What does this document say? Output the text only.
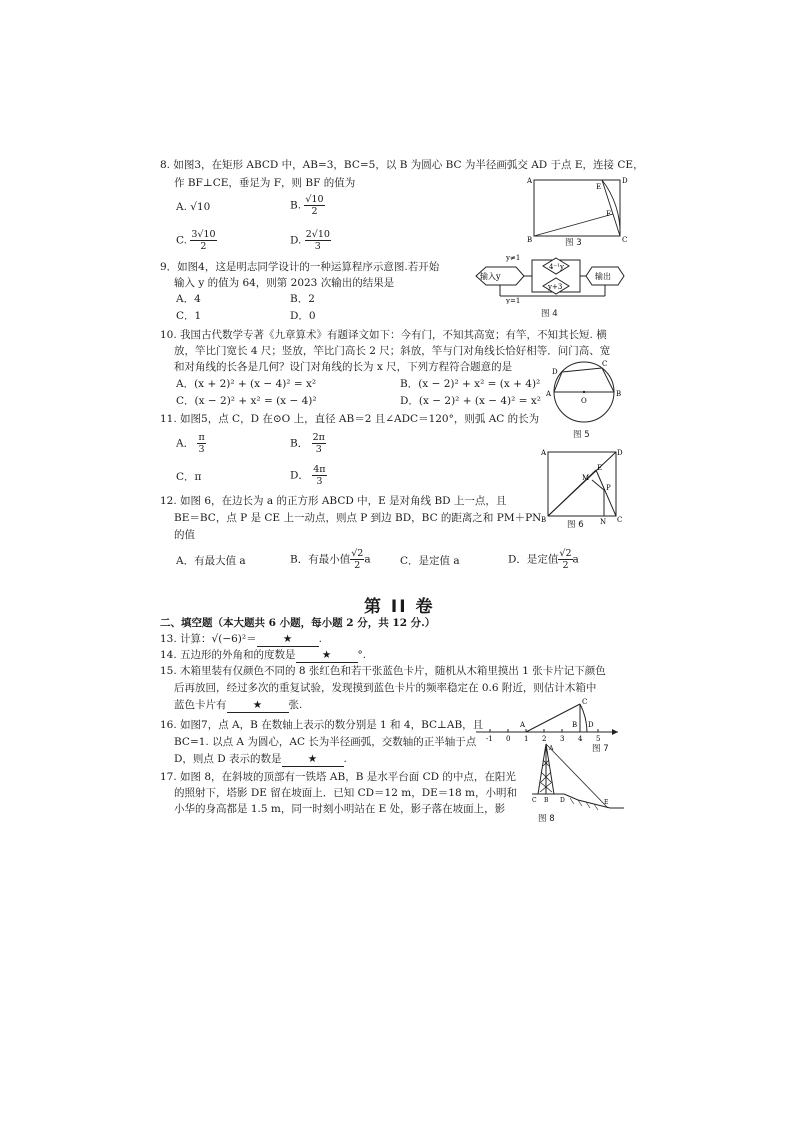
8. 如图3，在矩形 ABCD 中，AB=3，BC=5，以 B 为圆心 BC 为半径画弧交 AD 于点 E，连接 CE，
作 BF⊥CE，垂足为 F，则 BF 的值为
A. √10	B. $\frac{√10}{2}$
C. $\frac{3√10}{2}$	D. $\frac{2√10}{3}$
A
B	C
D
E
F
图 3
9．如图4，这是明志同学设计的一种运算程序示意图.若开始
输入 y 的值为 64，则第 2023 次输出的结果是
A．4	B．2
C．1	D．0
输入y
4⁻¹y
y+3
输出
y≠1
y=1
图 4
10. 我国古代数学专著《九章算术》有题译文如下：今有门，不知其高宽；有竿，不知其长短. 横
放，竿比门宽长 4 尺；竖放，竿比门高长 2 尺；斜放，竿与门对角线长恰好相等．问门高、宽
和对角线的长各是几何？设门对角线的长为 x 尺，下列方程符合题意的是
A．(x + 2)² + (x − 4)² = x²	B．(x − 2)² + x² = (x + 4)²
C．(x − 2)² + x² = (x − 4)²	D．(x − 2)² + (x − 4)² = x²
11. 如图5，点 C，D 在⊙O 上，直径 AB＝2 且∠ADC＝120°，则弧 AC 的长为
A． $\frac{\pi}{3}$	B． $\frac{2\pi}{3}$
C．π	D． $\frac{4\pi}{3}$
A	B
C
D
O
图 5
12. 如图 6，在边长为 a 的正方形 ABCD 中，E 是对角线 BD 上一点，且
BE＝BC，点 P 是 CE 上一动点，则点 P 到边 BD，BC 的距离之和 PM＋PN
的值
A．有最大值 a	B．有最小值 $\frac{√2}{2}$ a	C．是定值 a	D．是定值 $\frac{√2}{2}$ a
A
B	C
D
E
M
P
N
图 6
第 II 卷
二、填空题（本大题共 6 小题，每小题 2 分，共 12 分.）
13. 计算：√(−6)²＝	★	.
14. 五边形的外角和的度数是	★	°.
15. 木箱里装有仅颜色不同的 8 张红色和若干张蓝色卡片，随机从木箱里摸出 1 张卡片记下颜色
后再放回，经过多次的重复试验，发现摸到蓝色卡片的频率稳定在 0.6 附近，则估计木箱中
蓝色卡片有	★	张.
16. 如图7，点 A，B 在数轴上表示的数分别是 1 和 4，BC⊥AB，且
BC=1. 以点 A 为圆心，AC 长为半径画弧，交数轴的正半轴于点
D，则点 D 表示的数是	★	.
-1 0 1 2 3 4 5
A	B
C
D
图 7
17. 如图 8，在斜坡的顶部有一铁塔 AB，B 是水平台面 CD 的中点，在阳光
的照射下，塔影 DE 留在坡面上．已知 CD＝12 m，DE＝18 m，小明和
小华的身高都是 1.5 m，同一时刻小明站在 E 处，影子落在坡面上，影
A
C B D	E
图 8
